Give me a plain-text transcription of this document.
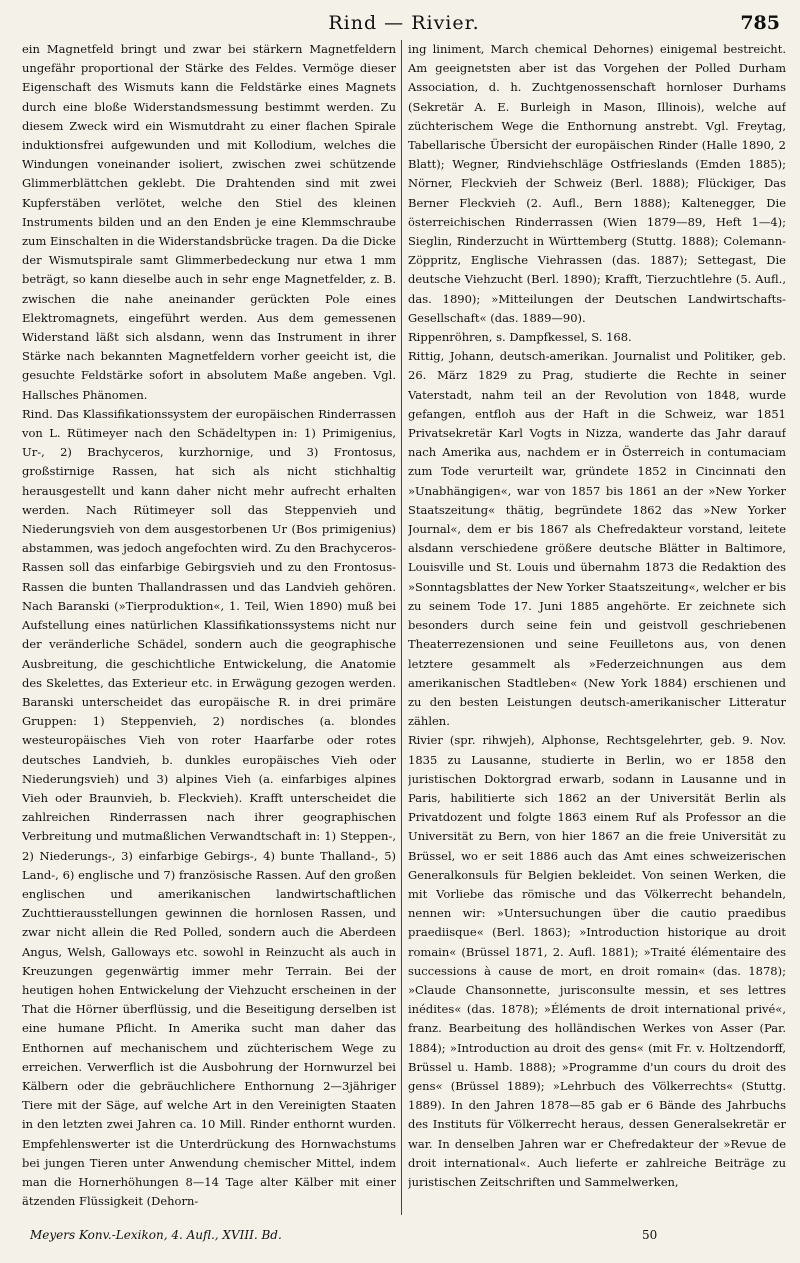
Rind — Rivier.	785

ein Magnetfeld bringt und zwar bei stärkern Magnetfeldern ungefähr proportional der Stärke des Feldes. Vermöge dieser Eigenschaft des Wismuts kann die Feldstärke eines Magnets durch eine bloße Widerstandsmessung bestimmt werden. Zu diesem Zweck wird ein Wismutdraht zu einer flachen Spirale induktionsfrei aufgewunden und mit Kollodium, welches die Windungen voneinander isoliert, zwischen zwei schützende Glimmerblättchen geklebt. Die Drahtenden sind mit zwei Kupferstäben verlötet, welche den Stiel des kleinen Instruments bilden und an den Enden je eine Klemmschraube zum Einschalten in die Widerstandsbrücke tragen. Da die Dicke der Wismutspirale samt Glimmerbedeckung nur etwa 1 mm beträgt, so kann dieselbe auch in sehr enge Magnetfelder, z. B. zwischen die nahe aneinander gerückten Pole eines Elektromagnets, eingeführt werden. Aus dem gemessenen Widerstand läßt sich alsdann, wenn das Instrument in ihrer Stärke nach bekannten Magnetfeldern vorher geeicht ist, die gesuchte Feldstärke sofort in absolutem Maße angeben. Vgl. Hallsches Phänomen.

Rind. Das Klassifikationssystem der europäischen Rinderrassen von L. Rütimeyer nach den Schädeltypen in: 1) Primigenius, Ur-, 2) Brachyceros, kurzhornige, und 3) Frontosus, großstirnige Rassen, hat sich als nicht stichhaltig herausgestellt und kann daher nicht mehr aufrecht erhalten werden. Nach Rütimeyer soll das Steppenvieh und Niederungsvieh von dem ausgestorbenen Ur (Bos primigenius) abstammen, was jedoch angefochten wird. Zu den Brachyceros-Rassen soll das einfarbige Gebirgsvieh und zu den Frontosus-Rassen die bunten Thallandrassen und das Landvieh gehören. Nach Baranski (»Tierproduktion«, 1. Teil, Wien 1890) muß bei Aufstellung eines natürlichen Klassifikationssystems nicht nur der veränderliche Schädel, sondern auch die geographische Ausbreitung, die geschichtliche Entwickelung, die Anatomie des Skelettes, das Exterieur etc. in Erwägung gezogen werden. Baranski unterscheidet das europäische R. in drei primäre Gruppen: 1) Steppenvieh, 2) nordisches (a. blondes westeuropäisches Vieh von roter Haarfarbe oder rotes deutsches Landvieh, b. dunkles europäisches Vieh oder Niederungsvieh) und 3) alpines Vieh (a. einfarbiges alpines Vieh oder Braunvieh, b. Fleckvieh). Krafft unterscheidet die zahlreichen Rinderrassen nach ihrer geographischen Verbreitung und mutmaßlichen Verwandtschaft in: 1) Steppen-, 2) Niederungs-, 3) einfarbige Gebirgs-, 4) bunte Thalland-, 5) Land-, 6) englische und 7) französische Rassen. Auf den großen englischen und amerikanischen landwirtschaftlichen Zuchttierausstellungen gewinnen die hornlosen Rassen, und zwar nicht allein die Red Polled, sondern auch die Aberdeen Angus, Welsh, Galloways etc. sowohl in Reinzucht als auch in Kreuzungen gegenwärtig immer mehr Terrain. Bei der heutigen hohen Entwickelung der Viehzucht erscheinen in der That die Hörner überflüssig, und die Beseitigung derselben ist eine humane Pflicht. In Amerika sucht man daher das Enthornen auf mechanischem und züchterischem Wege zu erreichen. Verwerflich ist die Ausbohrung der Hornwurzel bei Kälbern oder die gebräuchlichere Enthornung 2—3jähriger Tiere mit der Säge, auf welche Art in den Vereinigten Staaten in den letzten zwei Jahren ca. 10 Mill. Rinder enthornt wurden. Empfehlenswerter ist die Unterdrückung des Hornwachstums bei jungen Tieren unter Anwendung chemischer Mittel, indem man die Hornerhöhungen 8—14 Tage alter Kälber mit einer ätzenden Flüssigkeit (Dehorn-

ing liniment, March chemical Dehornes) einigemal bestreicht. Am geeignetsten aber ist das Vorgehen der Polled Durham Association, d. h. Zuchtgenossenschaft hornloser Durhams (Sekretär A. E. Burleigh in Mason, Illinois), welche auf züchterischem Wege die Enthornung anstrebt. Vgl. Freytag, Tabellarische Übersicht der europäischen Rinder (Halle 1890, 2 Blatt); Wegner, Rindviehschläge Ostfrieslands (Emden 1885); Nörner, Fleckvieh der Schweiz (Berl. 1888); Flückiger, Das Berner Fleckvieh (2. Aufl., Bern 1888); Kaltenegger, Die österreichischen Rinderrassen (Wien 1879—89, Heft 1—4); Sieglin, Rinderzucht in Württemberg (Stuttg. 1888); Colemann-Zöppritz, Englische Viehrassen (das. 1887); Settegast, Die deutsche Viehzucht (Berl. 1890); Krafft, Tierzuchtlehre (5. Aufl., das. 1890); »Mitteilungen der Deutschen Landwirtschafts-Gesellschaft« (das. 1889—90).

Rippenröhren, s. Dampfkessel, S. 168.

Rittig, Johann, deutsch-amerikan. Journalist und Politiker, geb. 26. März 1829 zu Prag, studierte die Rechte in seiner Vaterstadt, nahm teil an der Revolution von 1848, wurde gefangen, entfloh aus der Haft in die Schweiz, war 1851 Privatsekretär Karl Vogts in Nizza, wanderte das Jahr darauf nach Amerika aus, nachdem er in Österreich in contumaciam zum Tode verurteilt war, gründete 1852 in Cincinnati den »Unabhängigen«, war von 1857 bis 1861 an der »New Yorker Staatszeitung« thätig, begründete 1862 das »New Yorker Journal«, dem er bis 1867 als Chefredakteur vorstand, leitete alsdann verschiedene größere deutsche Blätter in Baltimore, Louisville und St. Louis und übernahm 1873 die Redaktion des »Sonntagsblattes der New Yorker Staatszeitung«, welcher er bis zu seinem Tode 17. Juni 1885 angehörte. Er zeichnete sich besonders durch seine fein und geistvoll geschriebenen Theaterrezensionen und seine Feuilletons aus, von denen letztere gesammelt als »Federzeichnungen aus dem amerikanischen Stadtleben« (New York 1884) erschienen und zu den besten Leistungen deutsch-amerikanischer Litteratur zählen.

Rivier (spr. rihwjeh), Alphonse, Rechtsgelehrter, geb. 9. Nov. 1835 zu Lausanne, studierte in Berlin, wo er 1858 den juristischen Doktorgrad erwarb, sodann in Lausanne und in Paris, habilitierte sich 1862 an der Universität Berlin als Privatdozent und folgte 1863 einem Ruf als Professor an die Universität zu Bern, von hier 1867 an die freie Universität zu Brüssel, wo er seit 1886 auch das Amt eines schweizerischen Generalkonsuls für Belgien bekleidet. Von seinen Werken, die mit Vorliebe das römische und das Völkerrecht behandeln, nennen wir: »Untersuchungen über die cautio praedibus praediisque« (Berl. 1863); »Introduction historique au droit romain« (Brüssel 1871, 2. Aufl. 1881); »Traité élémentaire des successions à cause de mort, en droit romain« (das. 1878); »Claude Chansonnette, jurisconsulte messin, et ses lettres inédites« (das. 1878); »Éléments de droit international privé«, franz. Bearbeitung des holländischen Werkes von Asser (Par. 1884); »Introduction au droit des gens« (mit Fr. v. Holtzendorff, Brüssel u. Hamb. 1888); »Programme d'un cours du droit des gens« (Brüssel 1889); »Lehrbuch des Völkerrechts« (Stuttg. 1889). In den Jahren 1878—85 gab er 6 Bände des Jahrbuchs des Instituts für Völkerrecht heraus, dessen Generalsekretär er war. In denselben Jahren war er Chefredakteur der »Revue de droit international«. Auch lieferte er zahlreiche Beiträge zu juristischen Zeitschriften und Sammelwerken,

Meyers Konv.-Lexikon, 4. Aufl., XVIII. Bd.	50
